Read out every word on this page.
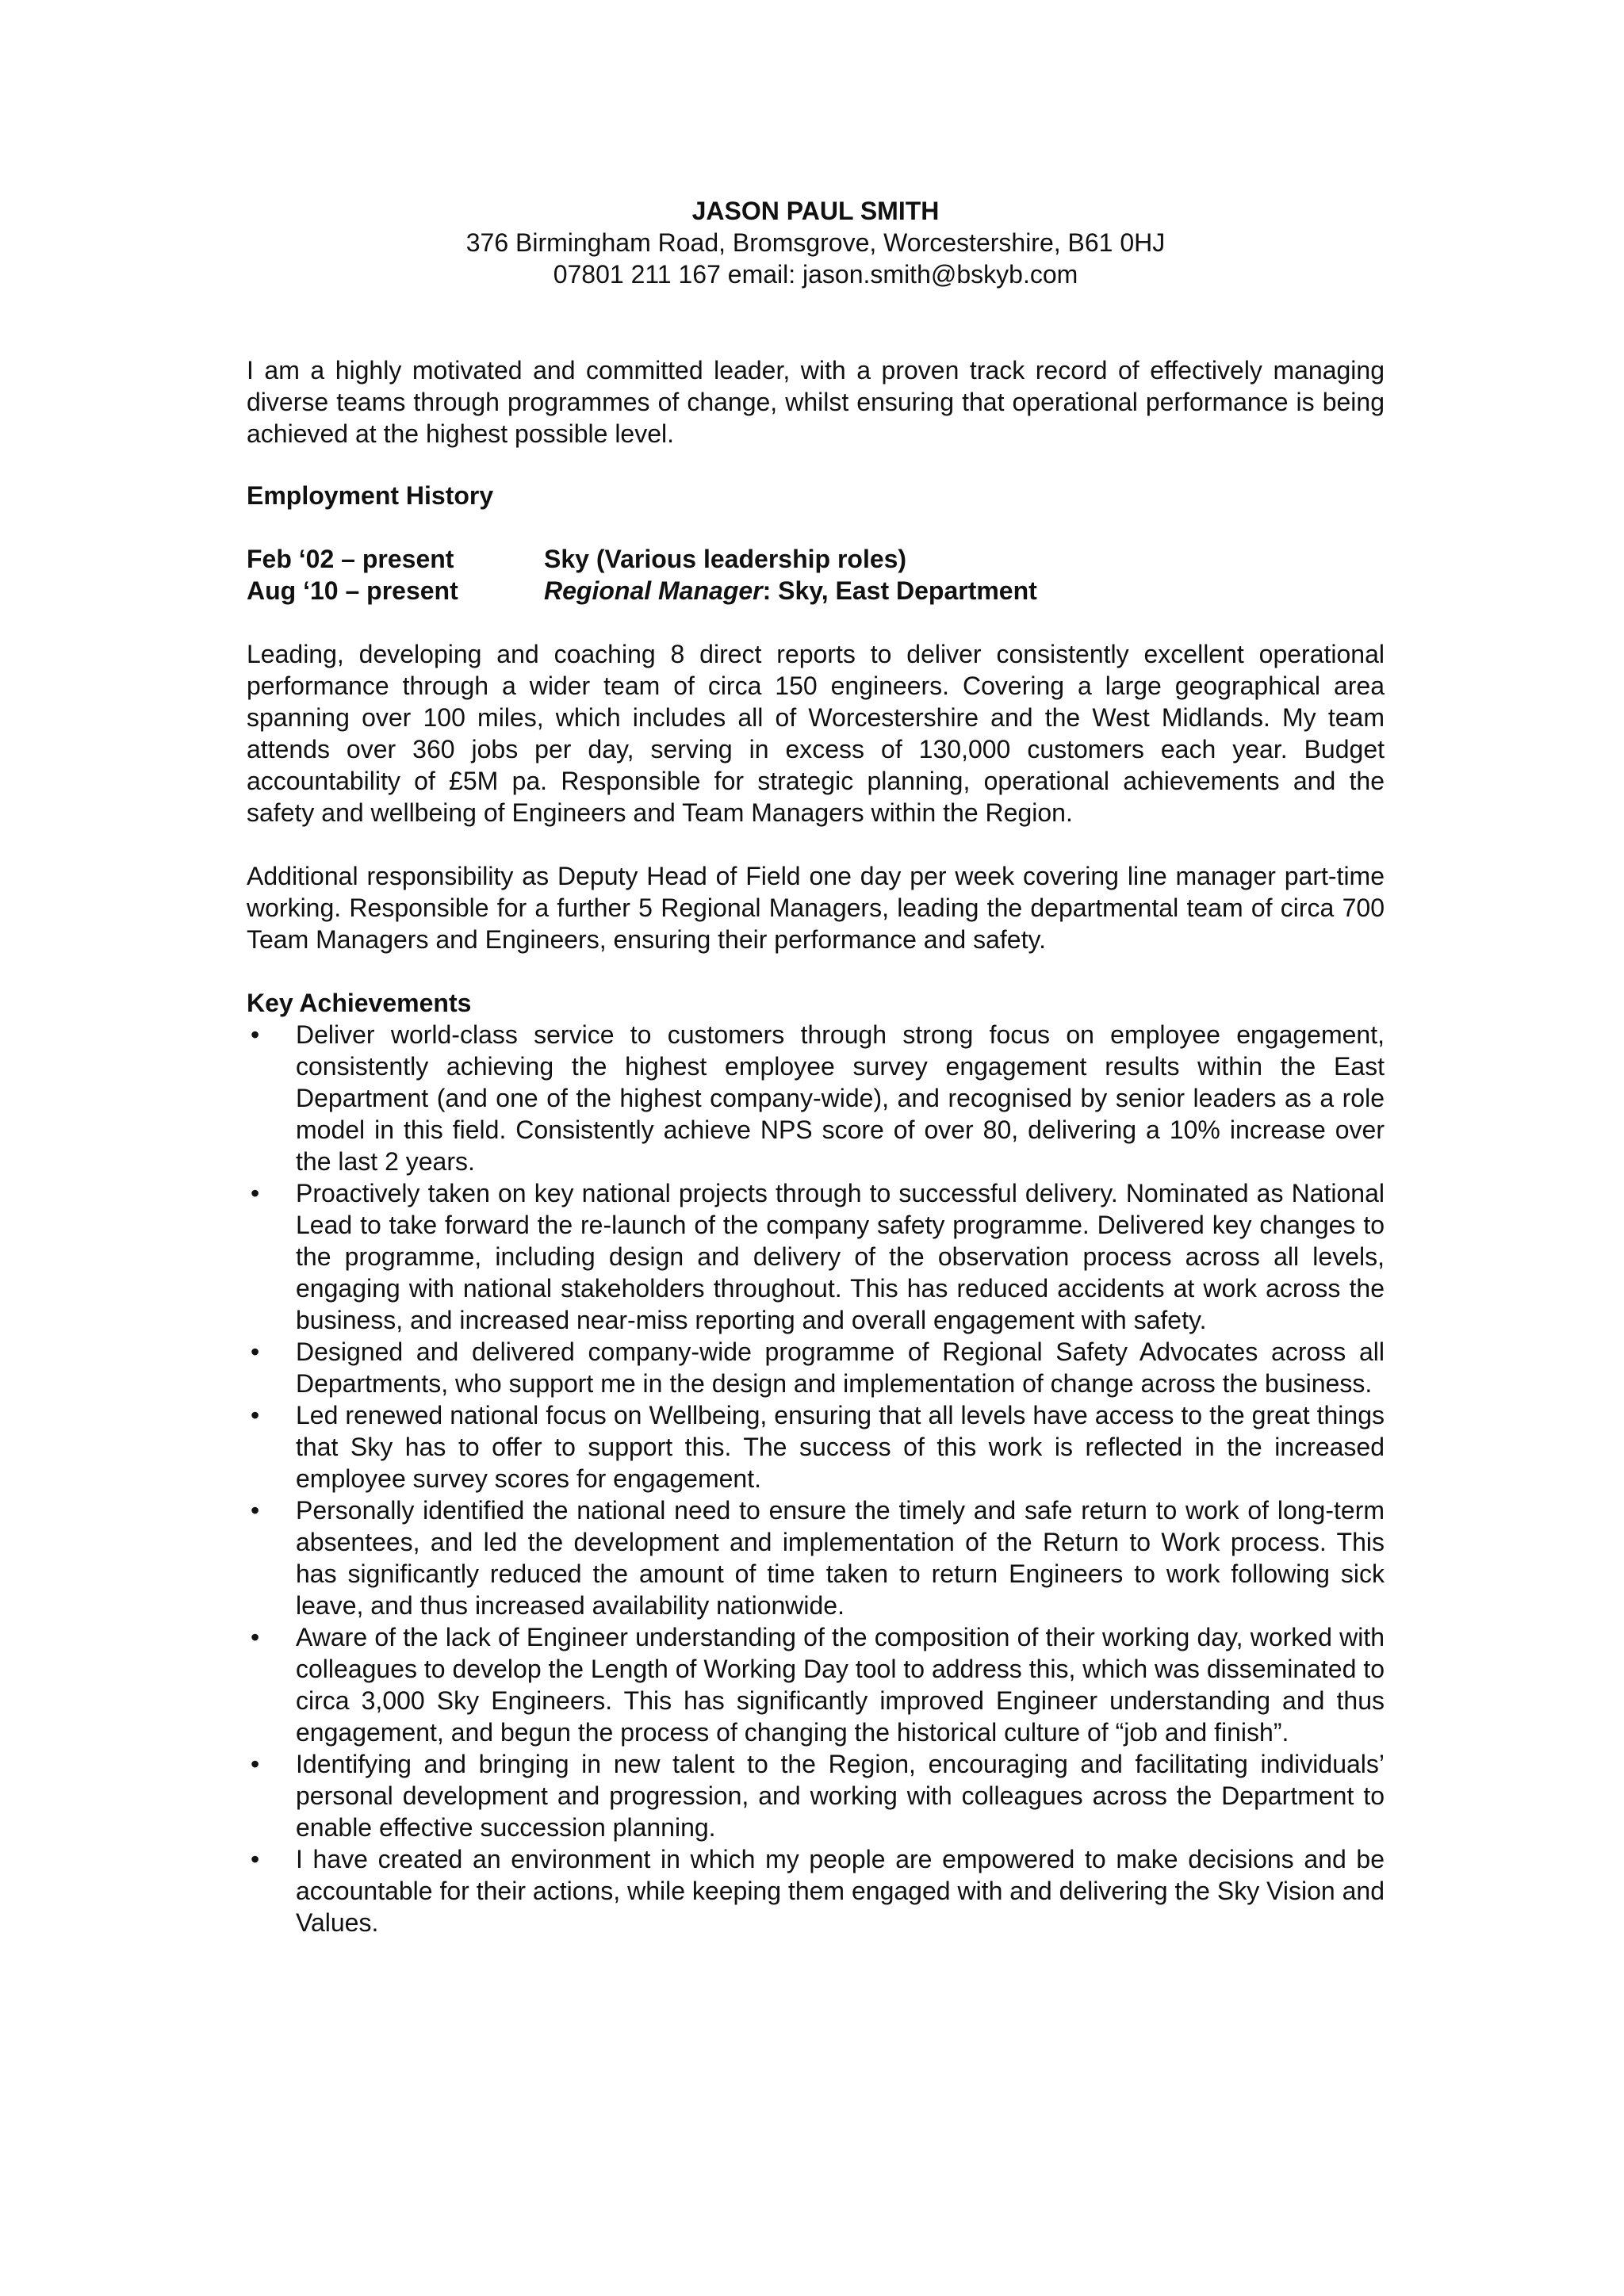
JASON PAUL SMITH
376 Birmingham Road, Bromsgrove, Worcestershire, B61 0HJ
07801 211 167 email: jason.smith@bskyb.com

I am a highly motivated and committed leader, with a proven track record of effectively managing diverse teams through programmes of change, whilst ensuring that operational performance is being achieved at the highest possible level.

Employment History
Feb ‘02 – present	Sky (Various leadership roles)
Aug ‘10 – present	Regional Manager: Sky, East Department
Leading, developing and coaching 8 direct reports to deliver consistently excellent operational performance through a wider team of circa 150 engineers. Covering a large geographical area spanning over 100 miles, which includes all of Worcestershire and the West Midlands. My team attends over 360 jobs per day, serving in excess of 130,000 customers each year. Budget accountability of £5M pa. Responsible for strategic planning, operational achievements and the safety and wellbeing of Engineers and Team Managers within the Region.
Additional responsibility as Deputy Head of Field one day per week covering line manager part-time working. Responsible for a further 5 Regional Managers, leading the departmental team of circa 700 Team Managers and Engineers, ensuring their performance and safety.
Key Achievements
•	Deliver world-class service to customers through strong focus on employee engagement, consistently achieving the highest employee survey engagement results within the East Department (and one of the highest company-wide), and recognised by senior leaders as a role model in this field. Consistently achieve NPS score of over 80, delivering a 10% increase over the last 2 years.
•	Proactively taken on key national projects through to successful delivery. Nominated as National Lead to take forward the re-launch of the company safety programme. Delivered key changes to the programme, including design and delivery of the observation process across all levels, engaging with national stakeholders throughout. This has reduced accidents at work across the business, and increased near-miss reporting and overall engagement with safety.
•	Designed and delivered company-wide programme of Regional Safety Advocates across all Departments, who support me in the design and implementation of change across the business.
•	Led renewed national focus on Wellbeing, ensuring that all levels have access to the great things that Sky has to offer to support this. The success of this work is reflected in the increased employee survey scores for engagement.
•	Personally identified the national need to ensure the timely and safe return to work of long-term absentees, and led the development and implementation of the Return to Work process. This has significantly reduced the amount of time taken to return Engineers to work following sick leave, and thus increased availability nationwide.
•	Aware of the lack of Engineer understanding of the composition of their working day, worked with colleagues to develop the Length of Working Day tool to address this, which was disseminated to circa 3,000 Sky Engineers. This has significantly improved Engineer understanding and thus engagement, and begun the process of changing the historical culture of “job and finish”.
•	Identifying and bringing in new talent to the Region, encouraging and facilitating individuals’ personal development and progression, and working with colleagues across the Department to enable effective succession planning.
•	I have created an environment in which my people are empowered to make decisions and be accountable for their actions, while keeping them engaged with and delivering the Sky Vision and Values.
